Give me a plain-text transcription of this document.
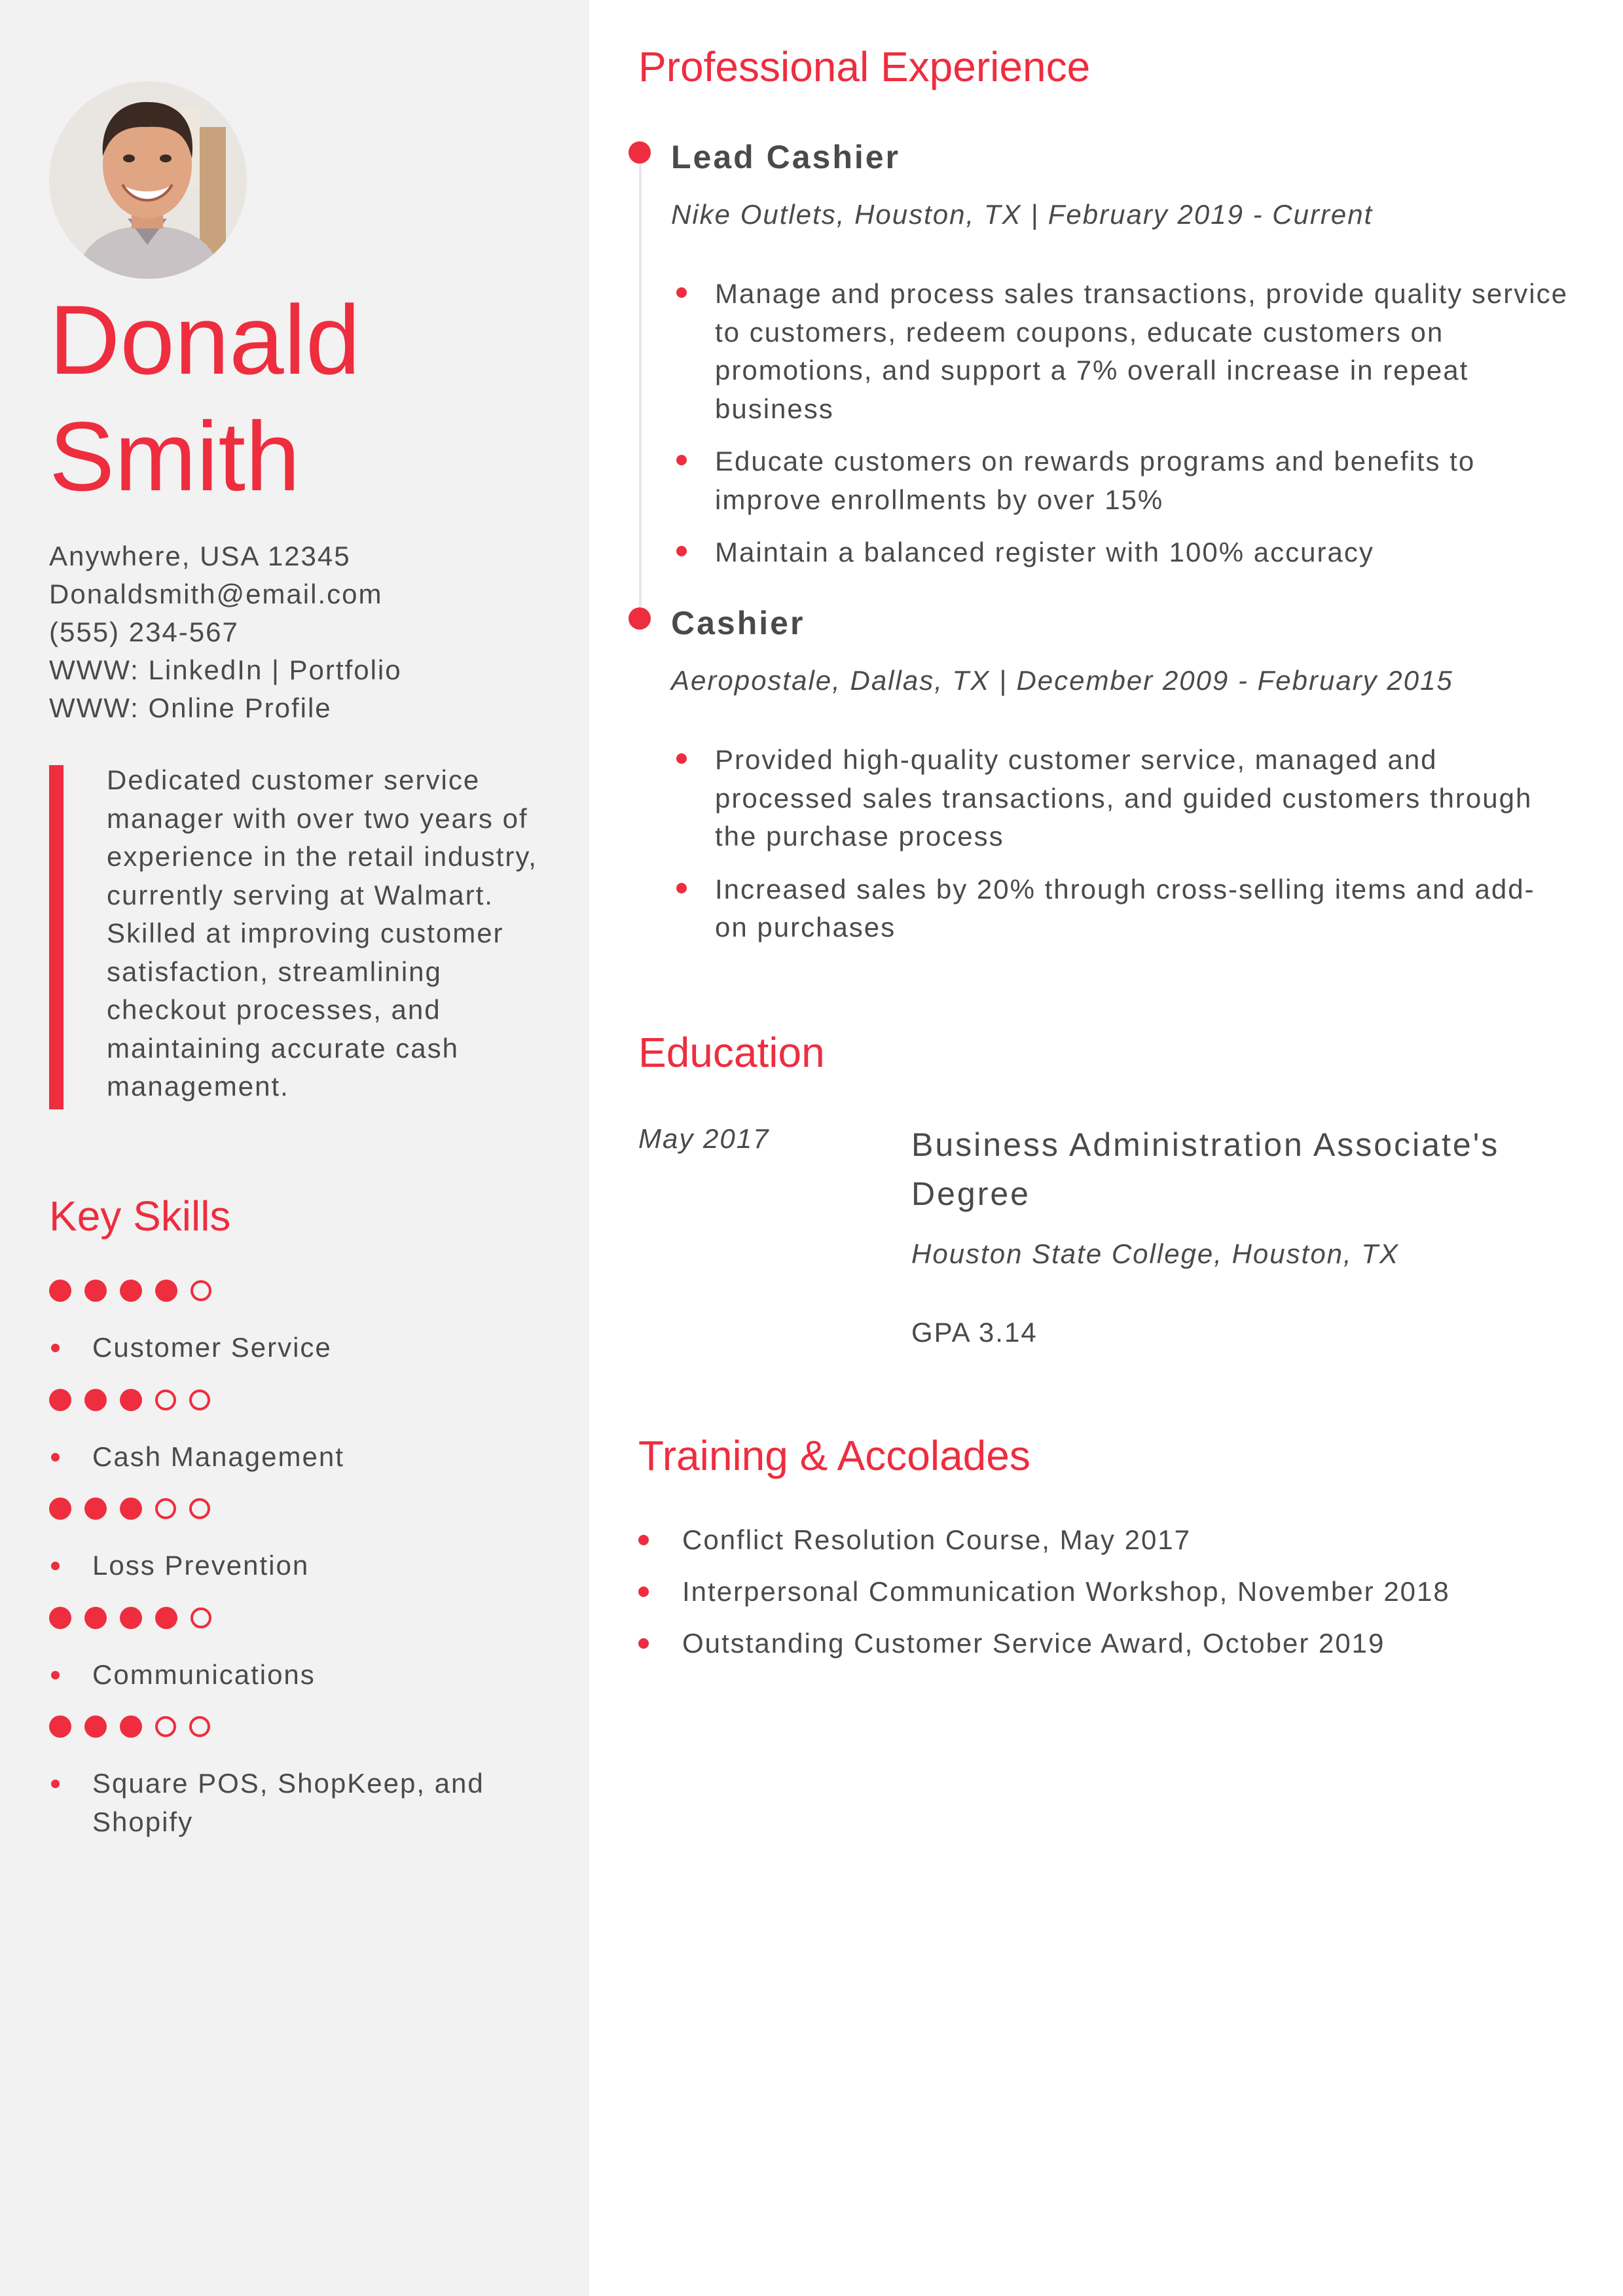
Donald
Smith
Anywhere, USA 12345
Donaldsmith@email.com
(555) 234-567
WWW: LinkedIn | Portfolio
WWW: Online Profile

Dedicated customer service manager with over two years of experience in the retail industry, currently serving at Walmart. Skilled at improving customer satisfaction, streamlining checkout processes, and maintaining accurate cash management.

Key Skills
Customer Service
Cash Management
Loss Prevention
Communications
Square POS, ShopKeep, and Shopify
Professional Experience
Lead Cashier
Nike Outlets, Houston, TX | February 2019 - Current
Manage and process sales transactions, provide quality service to customers, redeem coupons, educate customers on promotions, and support a 7% overall increase in repeat business
Educate customers on rewards programs and benefits to improve enrollments by over 15%
Maintain a balanced register with 100% accuracy
Cashier
Aeropostale, Dallas, TX | December 2009 - February 2015
Provided high-quality customer service, managed and processed sales transactions, and guided customers through the purchase process
Increased sales by 20% through cross-selling items and add-on purchases
Education
May 2017	Business Administration Associate's Degree
Houston State College, Houston, TX
GPA 3.14
Training & Accolades
Conflict Resolution Course, May 2017
Interpersonal Communication Workshop, November 2018
Outstanding Customer Service Award, October 2019
